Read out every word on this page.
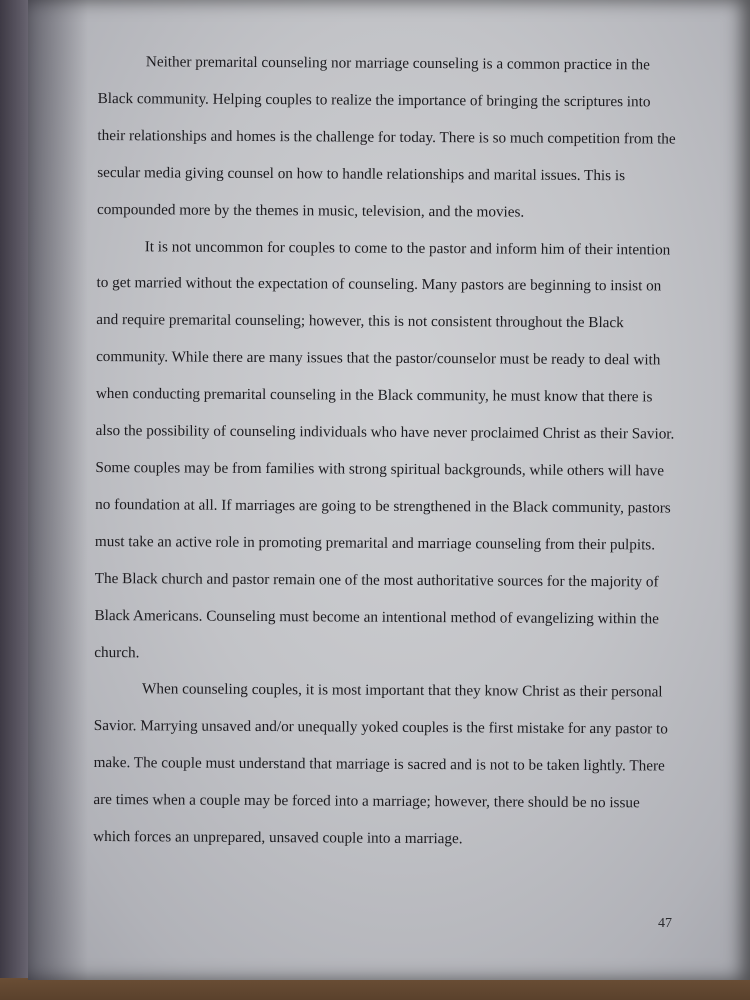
Neither premarital counseling nor marriage counseling is a common practice in the Black community. Helping couples to realize the importance of bringing the scriptures into their relationships and homes is the challenge for today. There is so much competition from the secular media giving counsel on how to handle relationships and marital issues. This is compounded more by the themes in music, television, and the movies.

It is not uncommon for couples to come to the pastor and inform him of their intention to get married without the expectation of counseling. Many pastors are beginning to insist on and require premarital counseling; however, this is not consistent throughout the Black community. While there are many issues that the pastor/counselor must be ready to deal with when conducting premarital counseling in the Black community, he must know that there is also the possibility of counseling individuals who have never proclaimed Christ as their Savior. Some couples may be from families with strong spiritual backgrounds, while others will have no foundation at all. If marriages are going to be strengthened in the Black community, pastors must take an active role in promoting premarital and marriage counseling from their pulpits. The Black church and pastor remain one of the most authoritative sources for the majority of Black Americans. Counseling must become an intentional method of evangelizing within the church.

When counseling couples, it is most important that they know Christ as their personal Savior. Marrying unsaved and/or unequally yoked couples is the first mistake for any pastor to make. The couple must understand that marriage is sacred and is not to be taken lightly. There are times when a couple may be forced into a marriage; however, there should be no issue which forces an unprepared, unsaved couple into a marriage.

47
